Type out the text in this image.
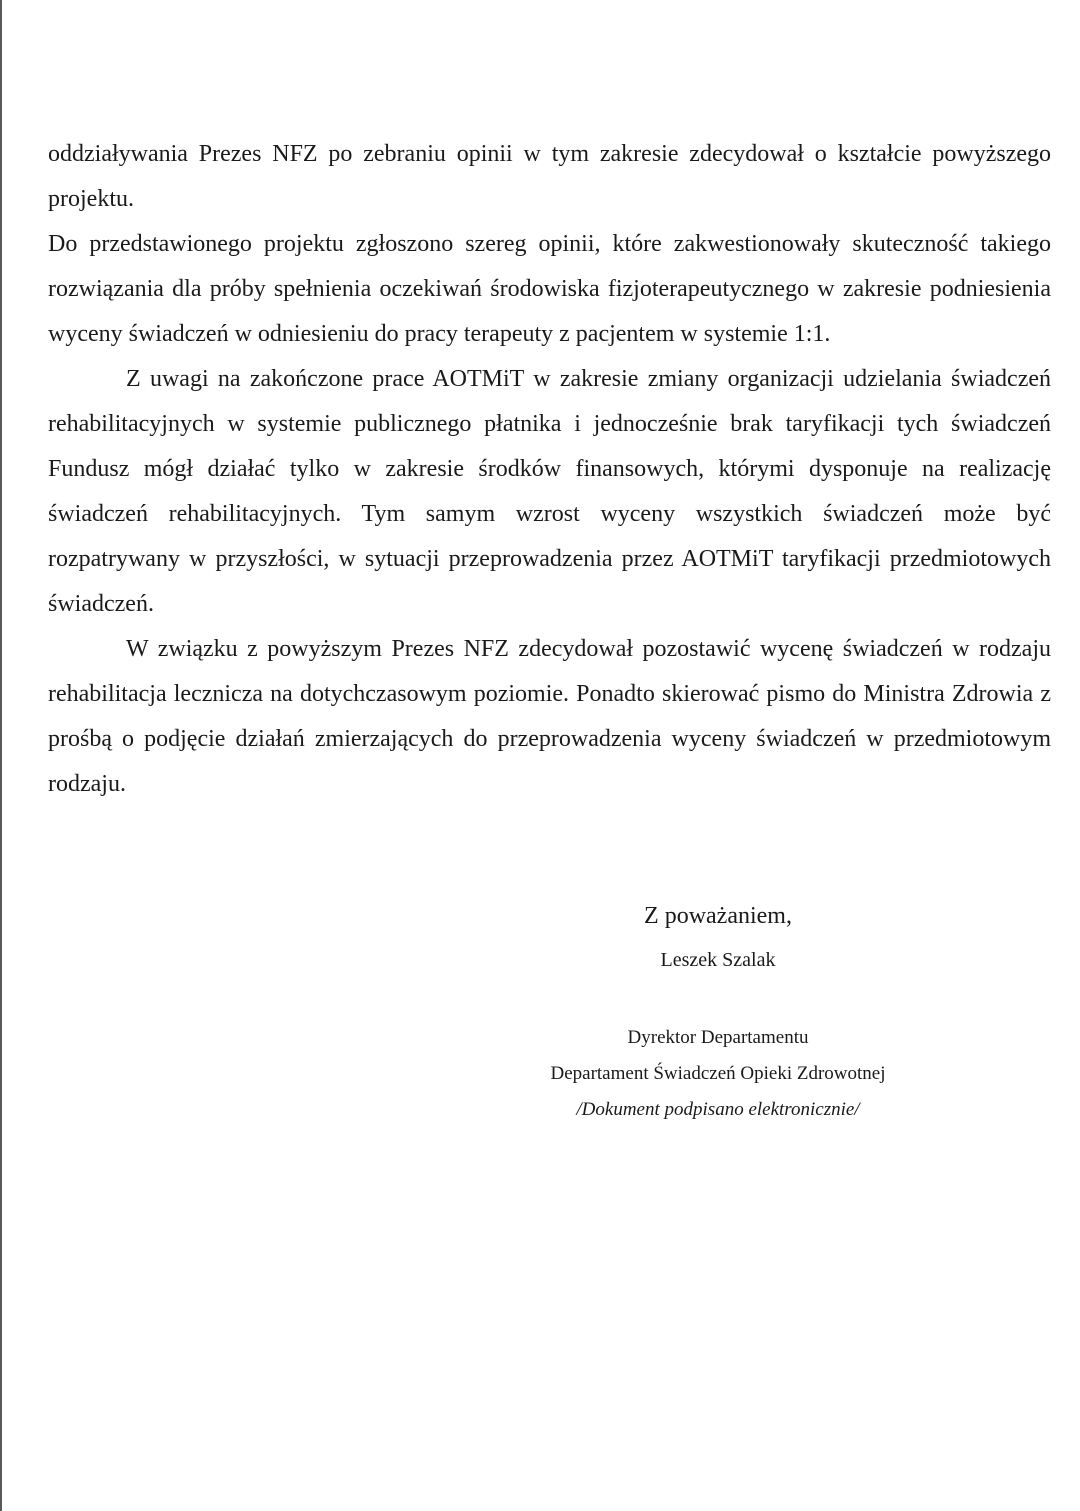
oddziaływania Prezes NFZ po zebraniu opinii w tym zakresie zdecydował o kształcie powyższego projektu.

Do przedstawionego projektu zgłoszono szereg opinii, które zakwestionowały skuteczność takiego rozwiązania dla próby spełnienia oczekiwań środowiska fizjoterapeutycznego w zakresie podniesienia wyceny świadczeń w odniesieniu do pracy terapeuty z pacjentem w systemie 1:1.

Z uwagi na zakończone prace AOTMiT w zakresie zmiany organizacji udzielania świadczeń rehabilitacyjnych w systemie publicznego płatnika i jednocześnie brak taryfikacji tych świadczeń Fundusz mógł działać tylko w zakresie środków finansowych, którymi dysponuje na realizację świadczeń rehabilitacyjnych. Tym samym wzrost wyceny wszystkich świadczeń może być rozpatrywany w przyszłości, w sytuacji przeprowadzenia przez AOTMiT taryfikacji przedmiotowych świadczeń.

W związku z powyższym Prezes NFZ zdecydował pozostawić wycenę świadczeń w rodzaju rehabilitacja lecznicza na dotychczasowym poziomie. Ponadto skierować pismo do Ministra Zdrowia z prośbą o podjęcie działań zmierzających do przeprowadzenia wyceny świadczeń w przedmiotowym rodzaju.

Z poważaniem,
Leszek Szalak
Dyrektor Departamentu
Departament Świadczeń Opieki Zdrowotnej
/Dokument podpisano elektronicznie/
